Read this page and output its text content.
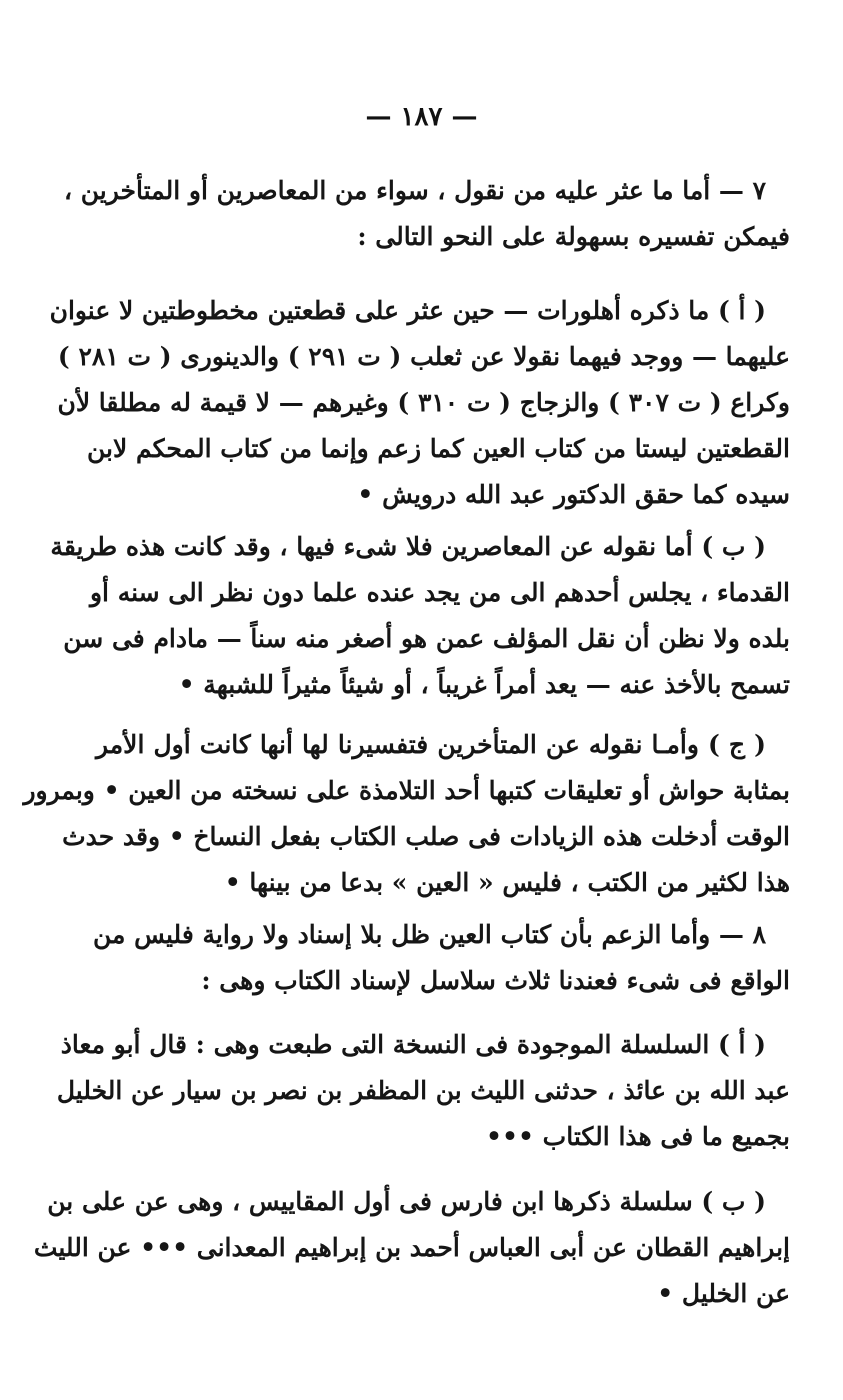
— ١٨٧ —
٧ — أما ما عثر عليه من نقول ، سواء من المعاصرين أو المتأخرين ،
فيمكن تفسيره بسهولة على النحو التالى :
( أ ) ما ذكره أهلورات — حين عثر على قطعتين مخطوطتين لا عنوان
عليهما — ووجد فيهما نقولا عن ثعلب ( ت ٢٩١ ) والدينورى ( ت ٢٨١ )
وكراع ( ت ٣٠٧ ) والزجاج ( ت ٣١٠ ) وغيرهم — لا قيمة له مطلقا لأن
القطعتين ليستا من كتاب العين كما زعم وإنما من كتاب المحكم لابن
سيده كما حقق الدكتور عبد الله درويش •
( ب ) أما نقوله عن المعاصرين فلا شىء فيها ، وقد كانت هذه طريقة
القدماء ، يجلس أحدهم الى من يجد عنده علما دون نظر الى سنه أو
بلده ولا نظن أن نقل المؤلف عمن هو أصغر منه سناً — مادام فى سن
تسمح بالأخذ عنه — يعد أمراً غريباً ، أو شيئاً مثيراً للشبهة •
( ج ) وأمـا نقوله عن المتأخرين فتفسيرنا لها أنها كانت أول الأمر
بمثابة حواش أو تعليقات كتبها أحد التلامذة على نسخته من العين • وبمرور
الوقت أدخلت هذه الزيادات فى صلب الكتاب بفعل النساخ • وقد حدث
هذا لكثير من الكتب ، فليس « العين » بدعا من بينها •
٨ — وأما الزعم بأن كتاب العين ظل بلا إسناد ولا رواية فليس من
الواقع فى شىء فعندنا ثلاث سلاسل لإسناد الكتاب وهى :
( أ ) السلسلة الموجودة فى النسخة التى طبعت وهى : قال أبو معاذ
عبد الله بن عائذ ، حدثنى الليث بن المظفر بن نصر بن سيار عن الخليل
بجميع ما فى هذا الكتاب •••
( ب ) سلسلة ذكرها ابن فارس فى أول المقاييس ، وهى عن على بن
إبراهيم القطان عن أبى العباس أحمد بن إبراهيم المعدانى ••• عن الليث
عن الخليل •
